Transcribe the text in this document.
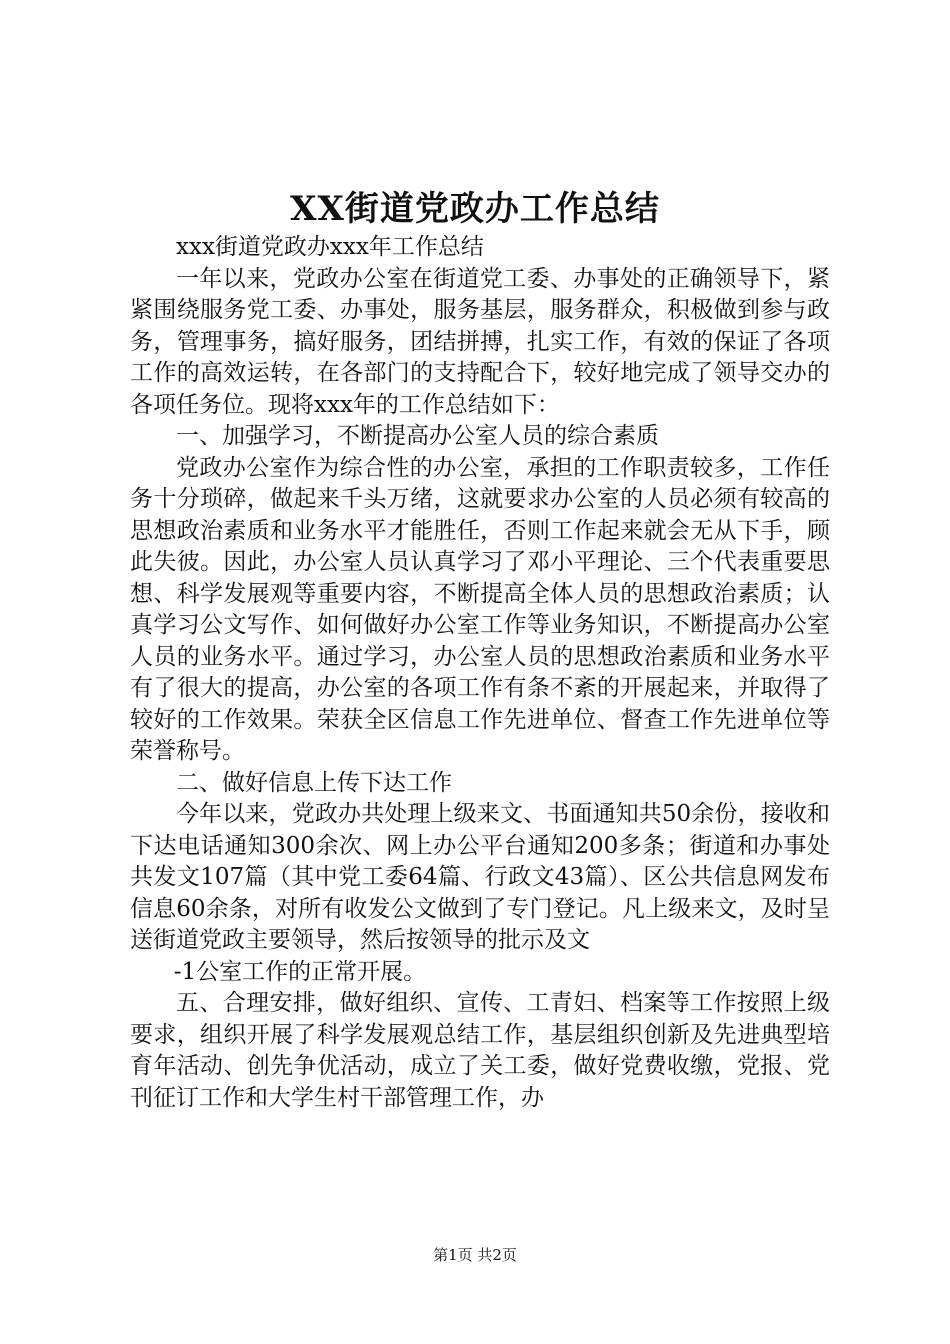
XX街道党政办工作总结

xxx街道党政办xxx年工作总结

一年以来，党政办公室在街道党工委、办事处的正确领导下，紧紧围绕服务党工委、办事处，服务基层，服务群众，积极做到参与政务，管理事务，搞好服务，团结拼搏，扎实工作，有效的保证了各项工作的高效运转，在各部门的支持配合下，较好地完成了领导交办的各项任务位。现将xxx年的工作总结如下：

一、加强学习，不断提高办公室人员的综合素质

党政办公室作为综合性的办公室，承担的工作职责较多，工作任务十分琐碎，做起来千头万绪，这就要求办公室的人员必须有较高的思想政治素质和业务水平才能胜任，否则工作起来就会无从下手，顾此失彼。因此，办公室人员认真学习了邓小平理论、三个代表重要思想、科学发展观等重要内容，不断提高全体人员的思想政治素质；认真学习公文写作、如何做好办公室工作等业务知识，不断提高办公室人员的业务水平。通过学习，办公室人员的思想政治素质和业务水平有了很大的提高，办公室的各项工作有条不紊的开展起来，并取得了较好的工作效果。荣获全区信息工作先进单位、督查工作先进单位等荣誉称号。

二、做好信息上传下达工作

今年以来，党政办共处理上级来文、书面通知共50余份，接收和下达电话通知300余次、网上办公平台通知200多条；街道和办事处共发文107篇（其中党工委64篇、行政文43篇）、区公共信息网发布信息60余条，对所有收发公文做到了专门登记。凡上级来文，及时呈送街道党政主要领导，然后按领导的批示及文

-1公室工作的正常开展。

五、合理安排，做好组织、宣传、工青妇、档案等工作按照上级要求，组织开展了科学发展观总结工作，基层组织创新及先进典型培育年活动、创先争优活动，成立了关工委，做好党费收缴，党报、党刊征订工作和大学生村干部管理工作，办

第1页 共2页
